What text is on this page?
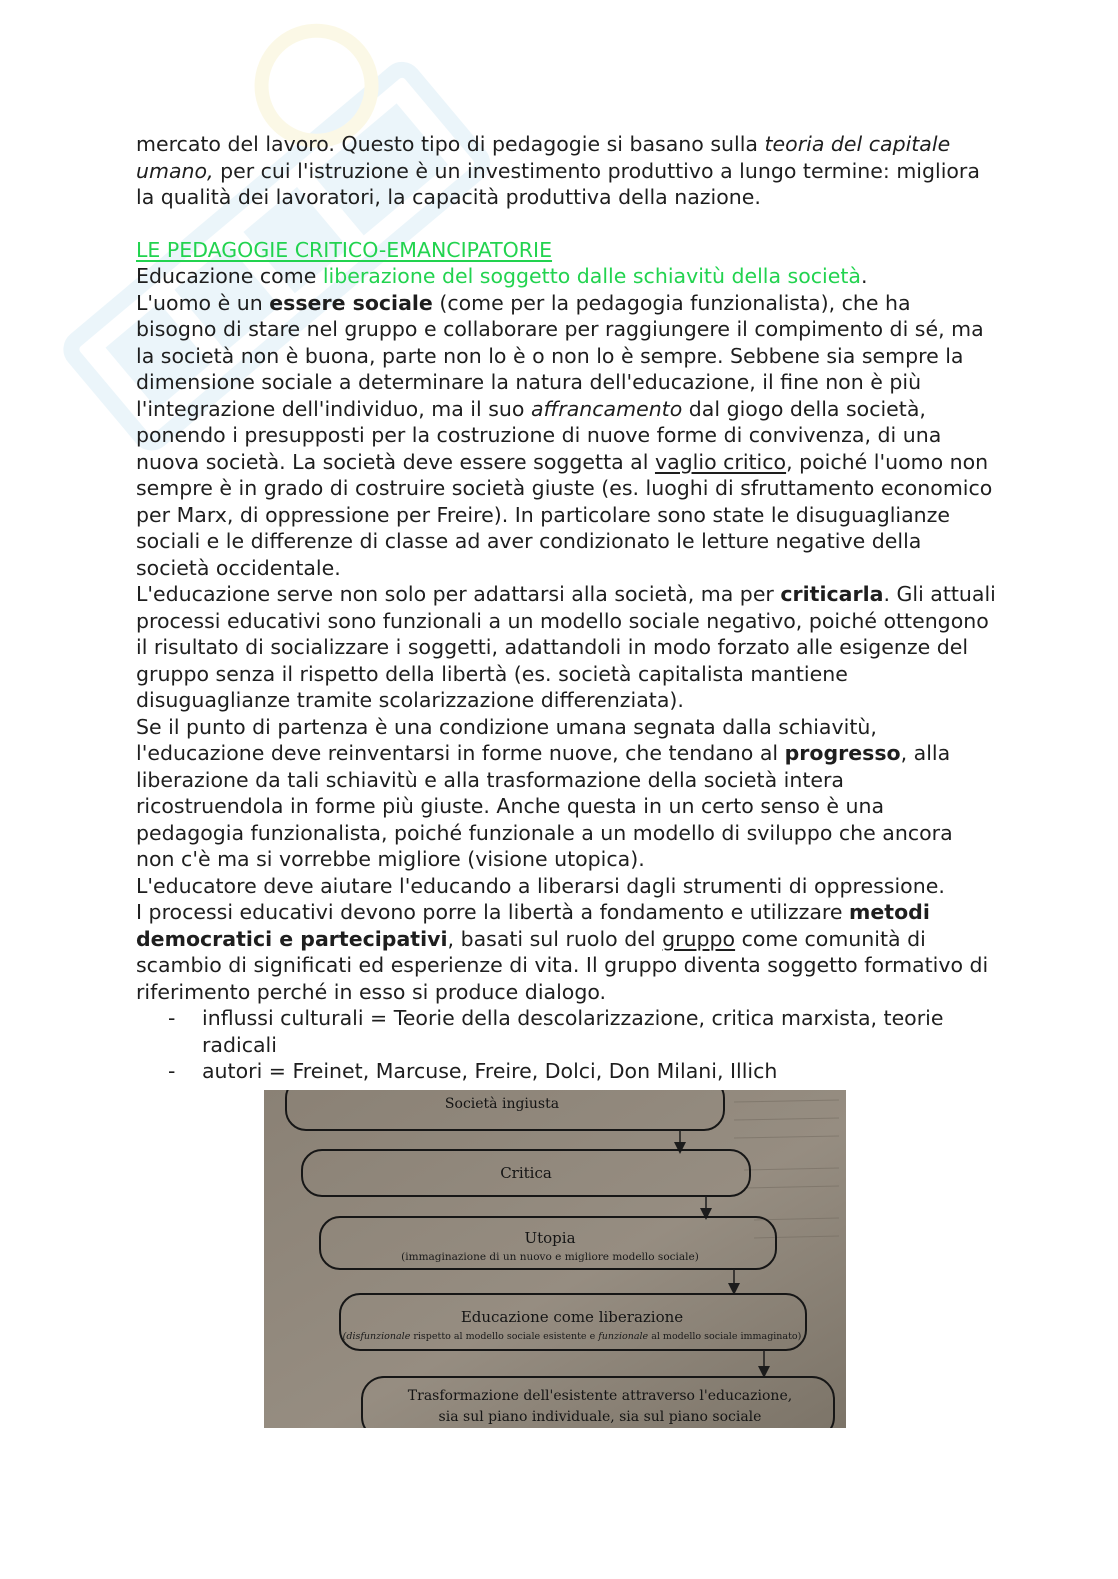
mercato del lavoro. Questo tipo di pedagogie si basano sulla teoria del capitale umano, per cui l'istruzione è un investimento produttivo a lungo termine: migliora la qualità dei lavoratori, la capacità produttiva della nazione.

LE PEDAGOGIE CRITICO-EMANCIPATORIE

Educazione come liberazione del soggetto dalle schiavitù della società.

L'uomo è un essere sociale (come per la pedagogia funzionalista), che ha bisogno di stare nel gruppo e collaborare per raggiungere il compimento di sé, ma la società non è buona, parte non lo è o non lo è sempre. Sebbene sia sempre la dimensione sociale a determinare la natura dell'educazione, il fine non è più l'integrazione dell'individuo, ma il suo affrancamento dal giogo della società, ponendo i presupposti per la costruzione di nuove forme di convivenza, di una nuova società. La società deve essere soggetta al vaglio critico, poiché l'uomo non sempre è in grado di costruire società giuste (es. luoghi di sfruttamento economico per Marx, di oppressione per Freire). In particolare sono state le disuguaglianze sociali e le differenze di classe ad aver condizionato le letture negative della società occidentale.

L'educazione serve non solo per adattarsi alla società, ma per criticarla. Gli attuali processi educativi sono funzionali a un modello sociale negativo, poiché ottengono il risultato di socializzare i soggetti, adattandoli in modo forzato alle esigenze del gruppo senza il rispetto della libertà (es. società capitalista mantiene disuguaglianze tramite scolarizzazione differenziata).

Se il punto di partenza è una condizione umana segnata dalla schiavitù, l'educazione deve reinventarsi in forme nuove, che tendano al progresso, alla liberazione da tali schiavitù e alla trasformazione della società intera ricostruendola in forme più giuste. Anche questa in un certo senso è una pedagogia funzionalista, poiché funzionale a un modello di sviluppo che ancora non c'è ma si vorrebbe migliore (visione utopica).

L'educatore deve aiutare l'educando a liberarsi dagli strumenti di oppressione.

I processi educativi devono porre la libertà a fondamento e utilizzare metodi democratici e partecipativi, basati sul ruolo del gruppo come comunità di scambio di significati ed esperienze di vita. Il gruppo diventa soggetto formativo di riferimento perché in esso si produce dialogo.

- influssi culturali = Teorie della descolarizzazione, critica marxista, teorie radicali
- autori = Freinet, Marcuse, Freire, Dolci, Don Milani, Illich
Società ingiusta
Critica
Utopia
(immaginazione di un nuovo e migliore modello sociale)
Educazione come liberazione
(disfunzionale rispetto al modello sociale esistente e funzionale al modello sociale immaginato)
Trasformazione dell'esistente attraverso l'educazione,
sia sul piano individuale, sia sul piano sociale
